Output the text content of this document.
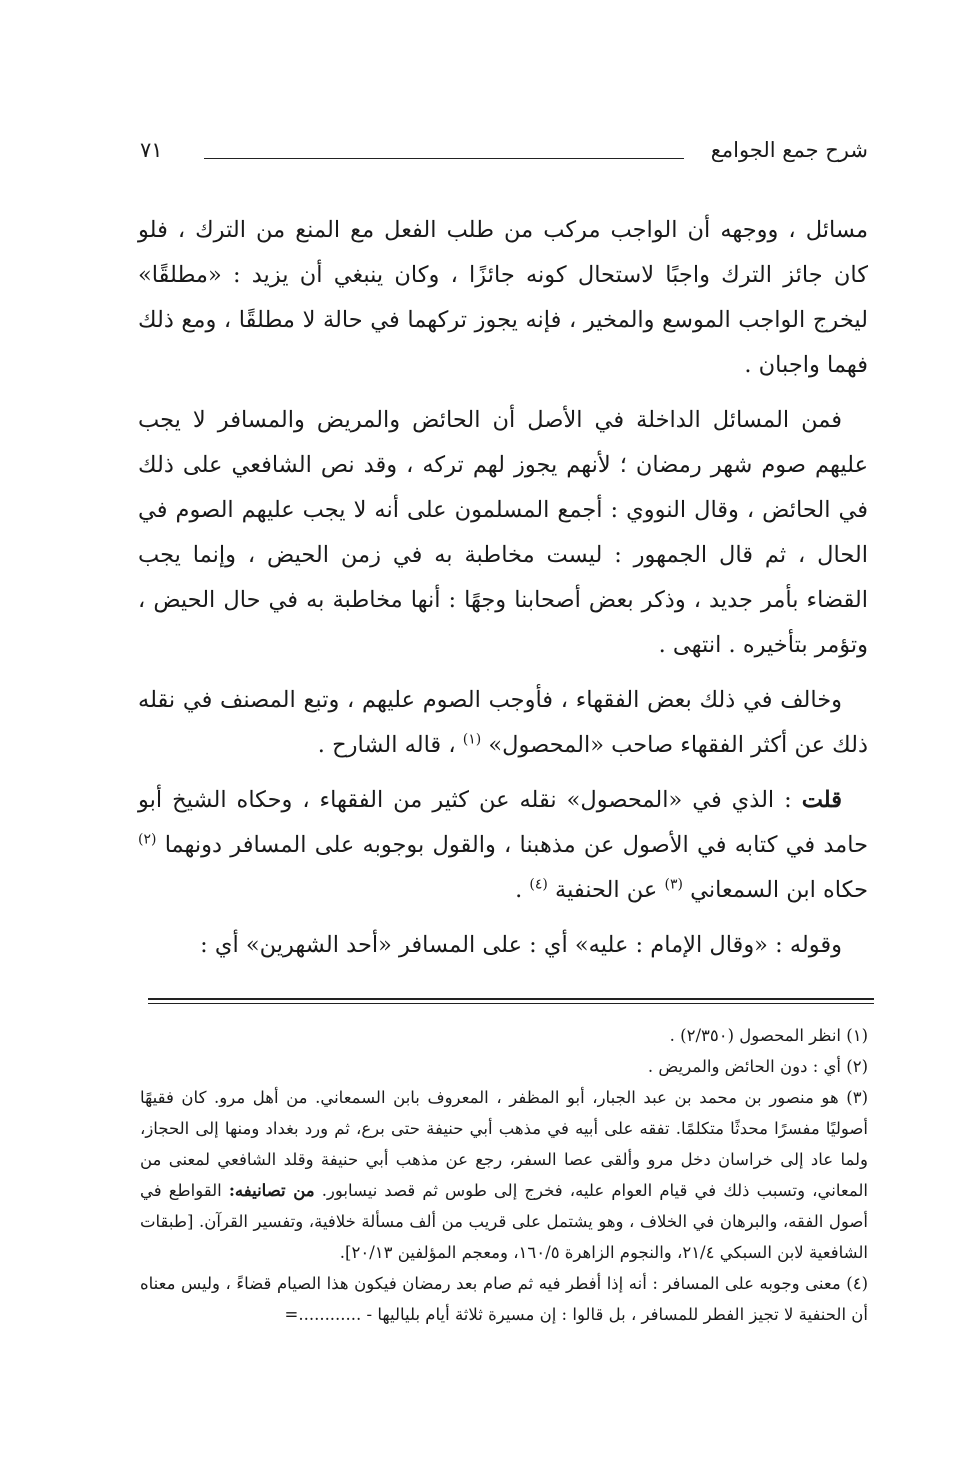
شرح جمع الجوامع
٧١

مسائل ، ووجهه أن الواجب مركب من طلب الفعل مع المنع من الترك ، فلو كان جائز الترك واجبًا لاستحال كونه جائزًا ، وكان ينبغي أن يزيد : «مطلقًا» ليخرج الواجب الموسع والمخير ، فإنه يجوز تركهما في حالة لا مطلقًا ، ومع ذلك فهما واجبان .

فمن المسائل الداخلة في الأصل أن الحائض والمريض والمسافر لا يجب عليهم صوم شهر رمضان ؛ لأنهم يجوز لهم تركه ، وقد نص الشافعي على ذلك في الحائض ، وقال النووي : أجمع المسلمون على أنه لا يجب عليهم الصوم في الحال ، ثم قال الجمهور : ليست مخاطبة به في زمن الحيض ، وإنما يجب القضاء بأمر جديد ، وذكر بعض أصحابنا وجهًا : أنها مخاطبة به في حال الحيض ، وتؤمر بتأخيره . انتهى .

وخالف في ذلك بعض الفقهاء ، فأوجب الصوم عليهم ، وتبع المصنف في نقله ذلك عن أكثر الفقهاء صاحب «المحصول» $^{(١)}$ ، قاله الشارح .

قلت : الذي في «المحصول» نقله عن كثير من الفقهاء ، وحكاه الشيخ أبو حامد في كتابه في الأصول عن مذهبنا ، والقول بوجوبه على المسافر دونهما $^{(٢)}$ حكاه ابن السمعاني $^{(٣)}$ عن الحنفية $^{(٤)}$ .

وقوله : «وقال الإمام : عليه» أي : على المسافر «أحد الشهرين» أي :

(١) انظر المحصول (٢/٣٥٠) .

(٢) أي : دون الحائض والمريض .

(٣) هو منصور بن محمد بن عبد الجبار، أبو المظفر ، المعروف بابن السمعاني. من أهل مرو. كان فقيهًا أصوليًا مفسرًا محدثًا متكلمًا. تفقه على أبيه في مذهب أبي حنيفة حتى برع، ثم ورد بغداد ومنها إلى الحجاز، ولما عاد إلى خراسان دخل مرو وألقى عصا السفر، رجع عن مذهب أبي حنيفة وقلد الشافعي لمعنى من المعاني، وتسبب ذلك في قيام العوام عليه، فخرج إلى طوس ثم قصد نيسابور. من تصانيفه: القواطع في أصول الفقه، والبرهان في الخلاف ، وهو يشتمل على قريب من ألف مسألة خلافية، وتفسير القرآن. [طبقات الشافعية لابن السبكي ٢١/٤، والنجوم الزاهرة ١٦٠/٥، ومعجم المؤلفين ٢٠/١٣].

(٤) معنى وجوبه على المسافر : أنه إذا أفطر فيه ثم صام بعد رمضان فيكون هذا الصيام قضاءً ، وليس معناه أن الحنفية لا تجيز الفطر للمسافر ، بل قالوا : إن مسيرة ثلاثة أيام بلياليها - ............=
